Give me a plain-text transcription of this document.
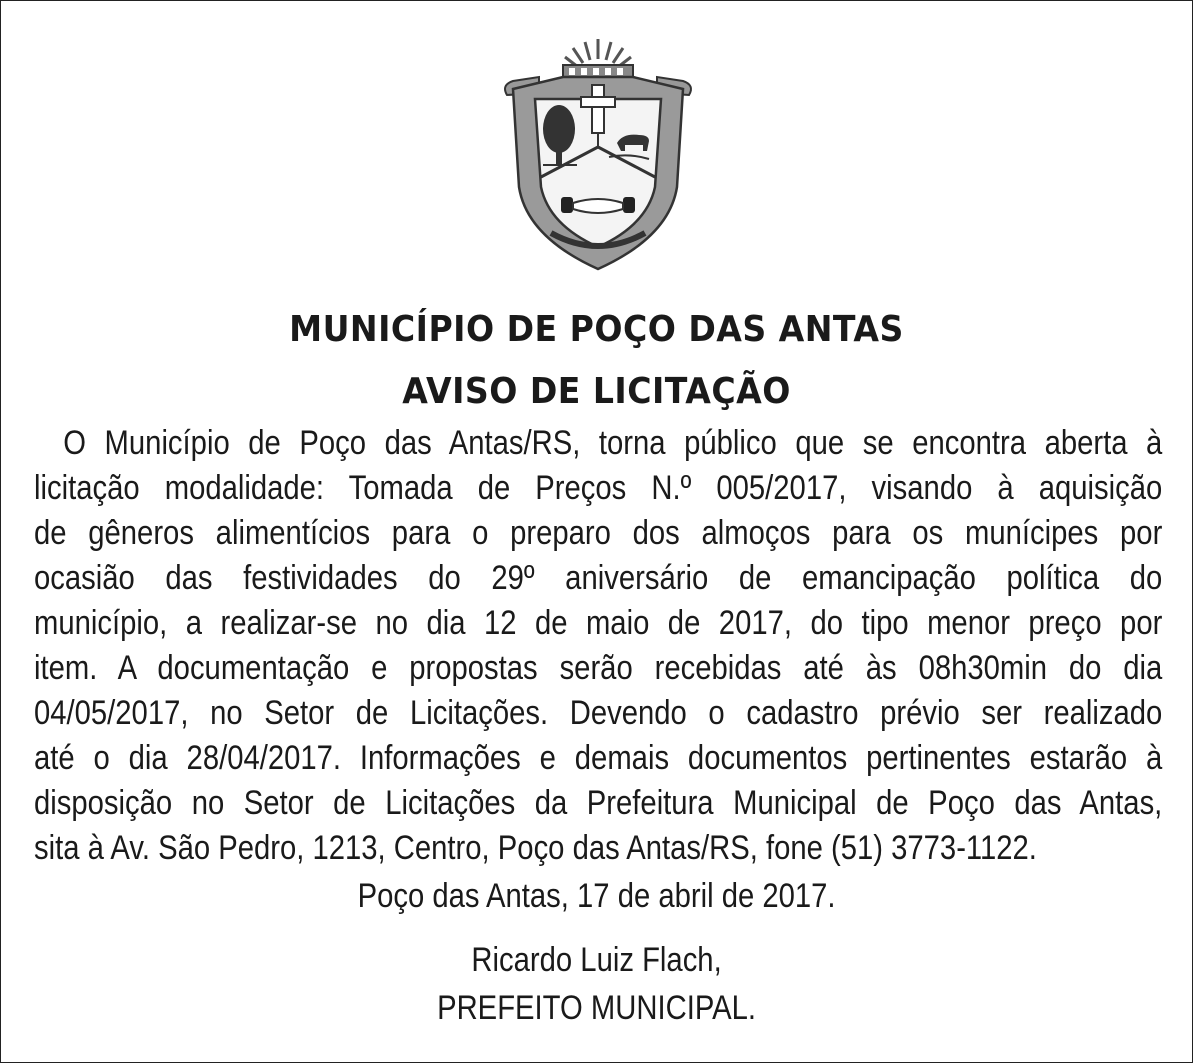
MUNICÍPIO DE POÇO DAS ANTAS
AVISO DE LICITAÇÃO
O Município de Poço das Antas/RS, torna público que se encontra aberta à
licitação modalidade: Tomada de Preços N.º 005/2017, visando à aquisição
de gêneros alimentícios para o preparo dos almoços para os munícipes por
ocasião das festividades do 29º aniversário de emancipação política do
município, a realizar-se no dia 12 de maio de 2017, do tipo menor preço por
item. A documentação e propostas serão recebidas até às 08h30min do dia
04/05/2017, no Setor de Licitações. Devendo o cadastro prévio ser realizado
até o dia 28/04/2017. Informações e demais documentos pertinentes estarão à
disposição no Setor de Licitações da Prefeitura Municipal de Poço das Antas,
sita à Av. São Pedro, 1213, Centro, Poço das Antas/RS, fone (51) 3773-1122.
Poço das Antas, 17 de abril de 2017.
Ricardo Luiz Flach,
PREFEITO MUNICIPAL.
